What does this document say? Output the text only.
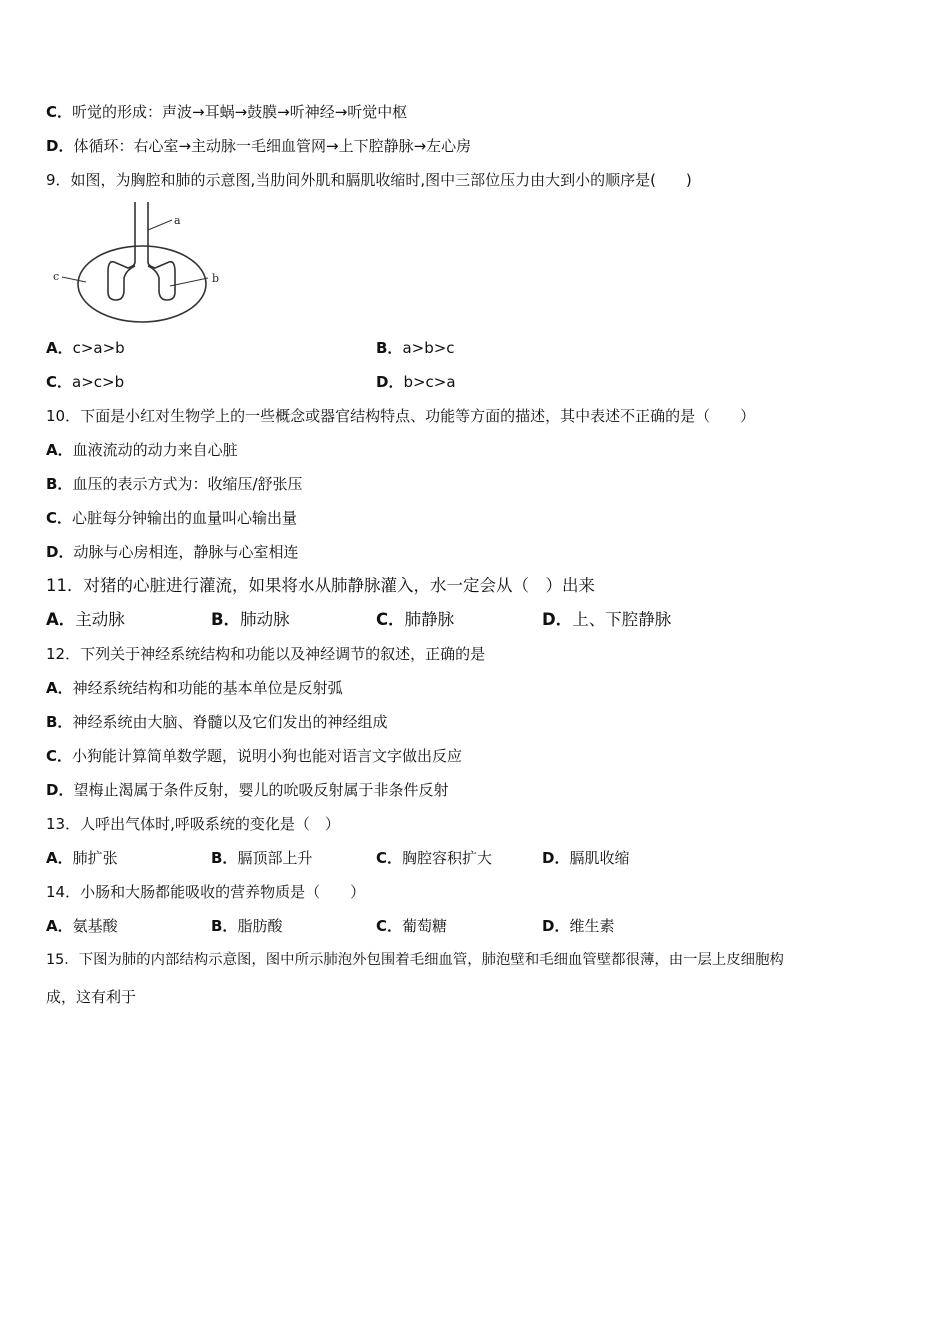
C．听觉的形成：声波→耳蜗→鼓膜→听神经→听觉中枢
D．体循环：右心室→主动脉一毛细血管网→上下腔静脉→左心房
9．如图，为胸腔和肺的示意图,当肋间外肌和膈肌收缩时,图中三部位压力由大到小的顺序是(　　)
a
b
c
A．c>a>b	B．a>b>c
C．a>c>b	D．b>c>a
10．下面是小红对生物学上的一些概念或器官结构特点、功能等方面的描述，其中表述不正确的是（　　）
A．血液流动的动力来自心脏
B．血压的表示方式为：收缩压/舒张压
C．心脏每分钟输出的血量叫心输出量
D．动脉与心房相连，静脉与心室相连
11．对猪的心脏进行灌流，如果将水从肺静脉灌入，水一定会从（　）出来
A．主动脉	B．肺动脉	C．肺静脉	D．上、下腔静脉
12．下列关于神经系统结构和功能以及神经调节的叙述，正确的是
A．神经系统结构和功能的基本单位是反射弧
B．神经系统由大脑、脊髓以及它们发出的神经组成
C．小狗能计算简单数学题，说明小狗也能对语言文字做出反应
D．望梅止渴属于条件反射，婴儿的吮吸反射属于非条件反射
13．人呼出气体时,呼吸系统的变化是（　）
A．肺扩张	B．膈顶部上升	C．胸腔容积扩大	D．膈肌收缩
14．小肠和大肠都能吸收的营养物质是（　　）
A．氨基酸	B．脂肪酸	C．葡萄糖	D．维生素
15．下图为肺的内部结构示意图，图中所示肺泡外包围着毛细血管，肺泡壁和毛细血管壁都很薄，由一层上皮细胞构
成，这有利于
